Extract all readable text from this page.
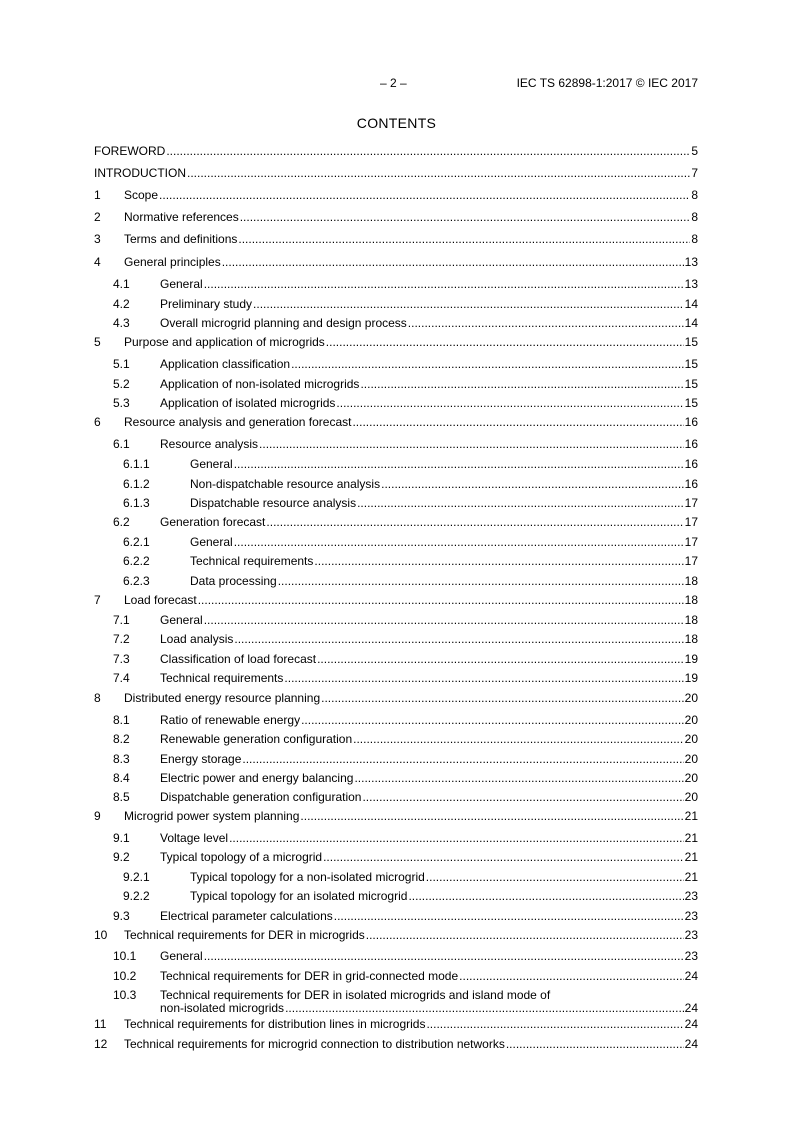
– 2 –	IEC TS 62898-1:2017 © IEC 2017
CONTENTS
FOREWORD .....	5
INTRODUCTION .....	7
1 Scope .....	8
2 Normative references .....	8
3 Terms and definitions .....	8
4 General principles .....	13
4.1	General .....	13
4.2	Preliminary study .....	14
4.3	Overall microgrid planning and design process .....	14
5 Purpose and application of microgrids .....	15
5.1	Application classification .....	15
5.2	Application of non-isolated microgrids .....	15
5.3	Application of isolated microgrids .....	15
6 Resource analysis and generation forecast .....	16
6.1	Resource analysis .....	16
6.1.1	General .....	16
6.1.2	Non-dispatchable resource analysis .....	16
6.1.3	Dispatchable resource analysis .....	17
6.2	Generation forecast .....	17
6.2.1	General .....	17
6.2.2	Technical requirements .....	17
6.2.3	Data processing .....	18
7 Load forecast .....	18
7.1	General .....	18
7.2	Load analysis .....	18
7.3	Classification of load forecast .....	19
7.4	Technical requirements .....	19
8 Distributed energy resource planning .....	20
8.1	Ratio of renewable energy .....	20
8.2	Renewable generation configuration .....	20
8.3	Energy storage .....	20
8.4	Electric power and energy balancing .....	20
8.5	Dispatchable generation configuration .....	20
9 Microgrid power system planning .....	21
9.1	Voltage level .....	21
9.2	Typical topology of a microgrid .....	21
9.2.1	Typical topology for a non-isolated microgrid .....	21
9.2.2	Typical topology for an isolated microgrid .....	23
9.3	Electrical parameter calculations .....	23
10 Technical requirements for DER in microgrids .....	23
10.1 General .....	23
10.2 Technical requirements for DER in grid-connected mode .....	24
10.3 Technical requirements for DER in isolated microgrids and island mode of
non-isolated microgrids .....	24
11 Technical requirements for distribution lines in microgrids .....	24
12 Technical requirements for microgrid connection to distribution networks .....	24
